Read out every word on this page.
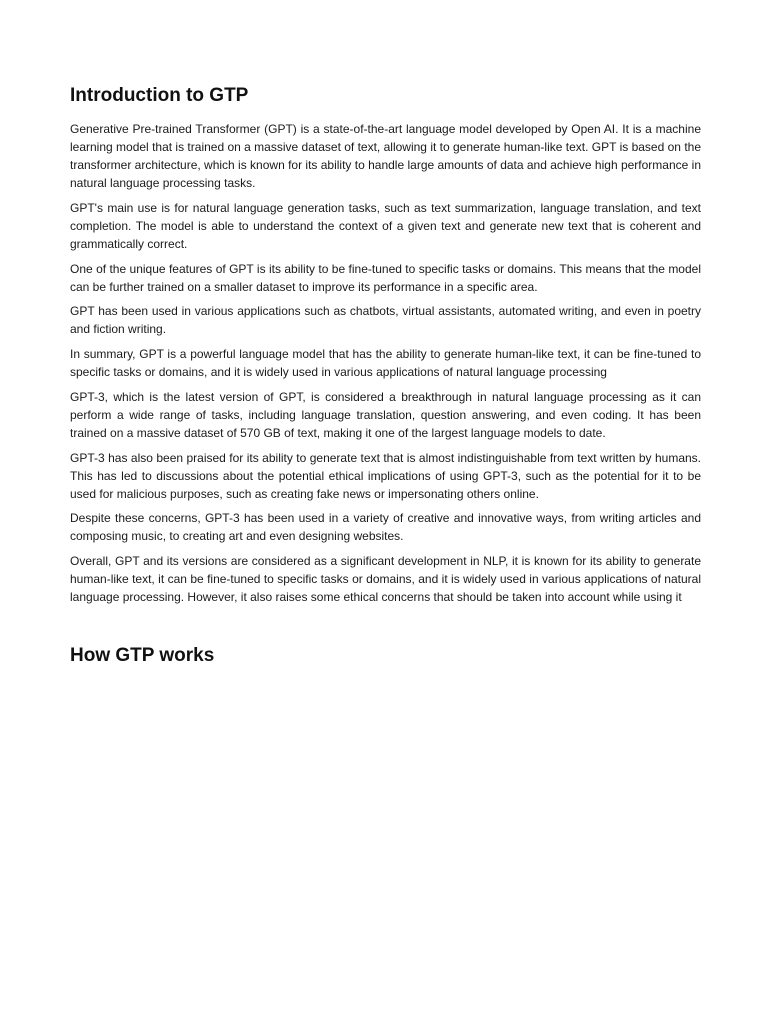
Introduction to GTP

Generative Pre-trained Transformer (GPT) is a state-of-the-art language model developed by Open AI. It is a machine learning model that is trained on a massive dataset of text, allowing it to generate human-like text. GPT is based on the transformer architecture, which is known for its ability to handle large amounts of data and achieve high performance in natural language processing tasks.

GPT's main use is for natural language generation tasks, such as text summarization, language translation, and text completion. The model is able to understand the context of a given text and generate new text that is coherent and grammatically correct.

One of the unique features of GPT is its ability to be fine-tuned to specific tasks or domains. This means that the model can be further trained on a smaller dataset to improve its performance in a specific area.

GPT has been used in various applications such as chatbots, virtual assistants, automated writing, and even in poetry and fiction writing.

In summary, GPT is a powerful language model that has the ability to generate human-like text, it can be fine-tuned to specific tasks or domains, and it is widely used in various applications of natural language processing

GPT-3, which is the latest version of GPT, is considered a breakthrough in natural language processing as it can perform a wide range of tasks, including language translation, question answering, and even coding. It has been trained on a massive dataset of 570 GB of text, making it one of the largest language models to date.

GPT-3 has also been praised for its ability to generate text that is almost indistinguishable from text written by humans. This has led to discussions about the potential ethical implications of using GPT-3, such as the potential for it to be used for malicious purposes, such as creating fake news or impersonating others online.

Despite these concerns, GPT-3 has been used in a variety of creative and innovative ways, from writing articles and composing music, to creating art and even designing websites.

Overall, GPT and its versions are considered as a significant development in NLP, it is known for its ability to generate human-like text, it can be fine-tuned to specific tasks or domains, and it is widely used in various applications of natural language processing. However, it also raises some ethical concerns that should be taken into account while using it

How GTP works
